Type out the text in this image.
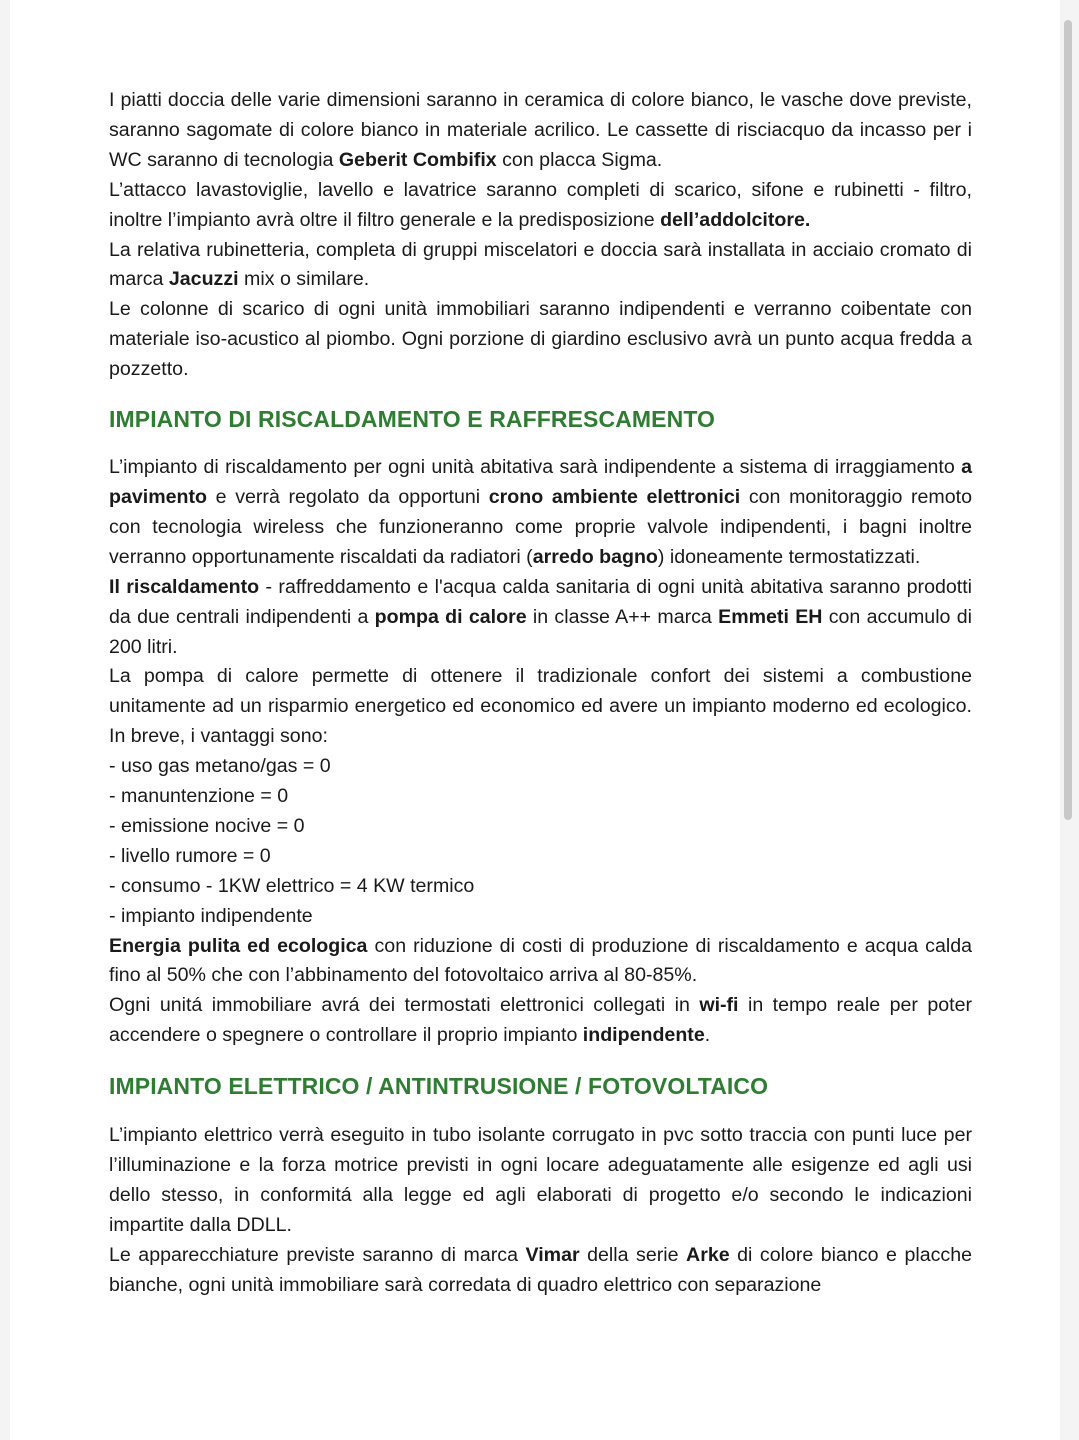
I piatti doccia delle varie dimensioni saranno in ceramica di colore bianco, le vasche dove previste, saranno sagomate di colore bianco in materiale acrilico. Le cassette di risciacquo da incasso per i WC saranno di tecnologia Geberit Combifix con placca Sigma.

L’attacco lavastoviglie, lavello e lavatrice saranno completi di scarico, sifone e rubinetti - filtro, inoltre l’impianto avrà oltre il filtro generale e la predisposizione dell’addolcitore.

La relativa rubinetteria, completa di gruppi miscelatori e doccia sarà installata in acciaio cromato di marca Jacuzzi mix o similare.

Le colonne di scarico di ogni unità immobiliari saranno indipendenti e verranno coibentate con materiale iso-acustico al piombo. Ogni porzione di giardino esclusivo avrà un punto acqua fredda a pozzetto.

IMPIANTO DI RISCALDAMENTO E RAFFRESCAMENTO

L’impianto di riscaldamento per ogni unità abitativa sarà indipendente a sistema di irraggiamento a pavimento e verrà regolato da opportuni crono ambiente elettronici con monitoraggio remoto con tecnologia wireless che funzioneranno come proprie valvole indipendenti, i bagni inoltre verranno opportunamente riscaldati da radiatori (arredo bagno) idoneamente termostatizzati.

Il riscaldamento - raffreddamento e l'acqua calda sanitaria di ogni unità abitativa saranno prodotti da due centrali indipendenti a pompa di calore in classe A++ marca Emmeti EH con accumulo di 200 litri.

La pompa di calore permette di ottenere il tradizionale confort dei sistemi a combustione unitamente ad un risparmio energetico ed economico ed avere un impianto moderno ed ecologico. In breve, i vantaggi sono:

- uso gas metano/gas = 0
- manuntenzione = 0
- emissione nocive = 0
- livello rumore = 0
- consumo - 1KW elettrico = 4 KW termico
- impianto indipendente

Energia pulita ed ecologica con riduzione di costi di produzione di riscaldamento e acqua calda fino al 50% che con l’abbinamento del fotovoltaico arriva al 80-85%.

Ogni unitá immobiliare avrá dei termostati elettronici collegati in wi-fi in tempo reale per poter accendere o spegnere o controllare il proprio impianto indipendente.

IMPIANTO ELETTRICO / ANTINTRUSIONE / FOTOVOLTAICO

L’impianto elettrico verrà eseguito in tubo isolante corrugato in pvc sotto traccia con punti luce per l’illuminazione e la forza motrice previsti in ogni locare adeguatamente alle esigenze ed agli usi dello stesso, in conformitá alla legge ed agli elaborati di progetto e/o secondo le indicazioni impartite dalla DDLL.

Le apparecchiature previste saranno di marca Vimar della serie Arke di colore bianco e placche bianche, ogni unità immobiliare sarà corredata di quadro elettrico con separazione
